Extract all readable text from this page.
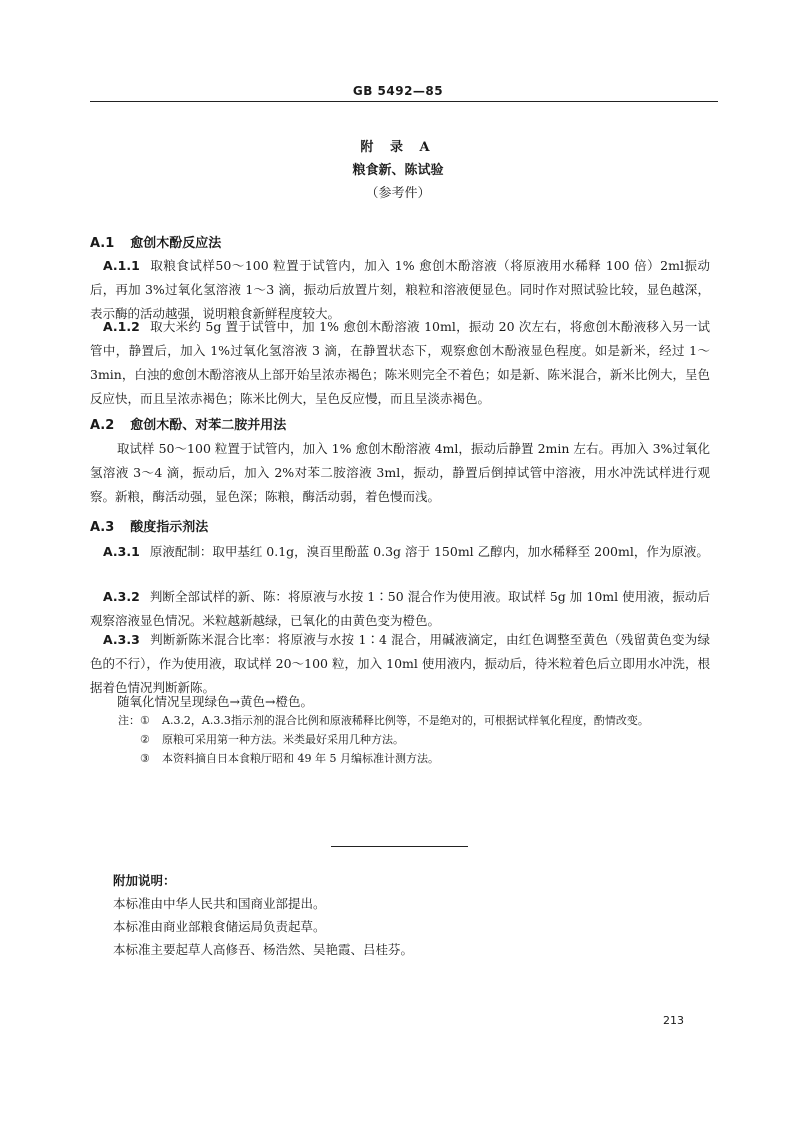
GB 5492—85
附 录 A
粮食新、陈试验
（参考件）
A.1 愈创木酚反应法
A.1.1 取粮食试样50～100 粒置于试管内，加入 1% 愈创木酚溶液（将原液用水稀释 100 倍）2ml振动后，再加 3%过氧化氢溶液 1～3 滴，振动后放置片刻，粮粒和溶液便显色。同时作对照试验比较，显色越深，表示酶的活动越强，说明粮食新鲜程度较大。
A.1.2 取大米约 5g 置于试管中，加 1% 愈创木酚溶液 10ml，振动 20 次左右，将愈创木酚液移入另一试管中，静置后，加入 1%过氧化氢溶液 3 滴，在静置状态下，观察愈创木酚液显色程度。如是新米，经过 1～3min，白浊的愈创木酚溶液从上部开始呈浓赤褐色；陈米则完全不着色；如是新、陈米混合，新米比例大，呈色反应快，而且呈浓赤褐色；陈米比例大，呈色反应慢，而且呈淡赤褐色。
A.2 愈创木酚、对苯二胺并用法
取试样 50～100 粒置于试管内，加入 1% 愈创木酚溶液 4ml，振动后静置 2min 左右。再加入 3%过氧化氢溶液 3～4 滴，振动后，加入 2%对苯二胺溶液 3ml，振动，静置后倒掉试管中溶液，用水冲洗试样进行观察。新粮，酶活动强，显色深；陈粮，酶活动弱，着色慢而浅。
A.3 酸度指示剂法
A.3.1 原液配制：取甲基红 0.1g，溴百里酚蓝 0.3g 溶于 150ml 乙醇内，加水稀释至 200ml，作为原液。
A.3.2 判断全部试样的新、陈：将原液与水按 1∶50 混合作为使用液。取试样 5g 加 10ml 使用液，振动后观察溶液显色情况。米粒越新越绿，已氧化的由黄色变为橙色。
A.3.3 判断新陈米混合比率：将原液与水按 1∶4 混合，用碱液滴定，由红色调整至黄色（残留黄色变为绿色的不行），作为使用液，取试样 20～100 粒，加入 10ml 使用液内，振动后，待米粒着色后立即用水冲洗，根据着色情况判断新陈。
随氧化情况呈现绿色→黄色→橙色。
注： ①	A.3.2，A.3.3指示剂的混合比例和原液稀释比例等，不是绝对的，可根据试样氧化程度，酌情改变。
②	原粮可采用第一种方法。米类最好采用几种方法。
③	本资料摘自日本食粮厅昭和 49 年 5 月编标准计测方法。
附加说明：
本标准由中华人民共和国商业部提出。
本标准由商业部粮食储运局负责起草。
本标准主要起草人高修吾、杨浩然、吴艳霞、吕桂芬。
213
